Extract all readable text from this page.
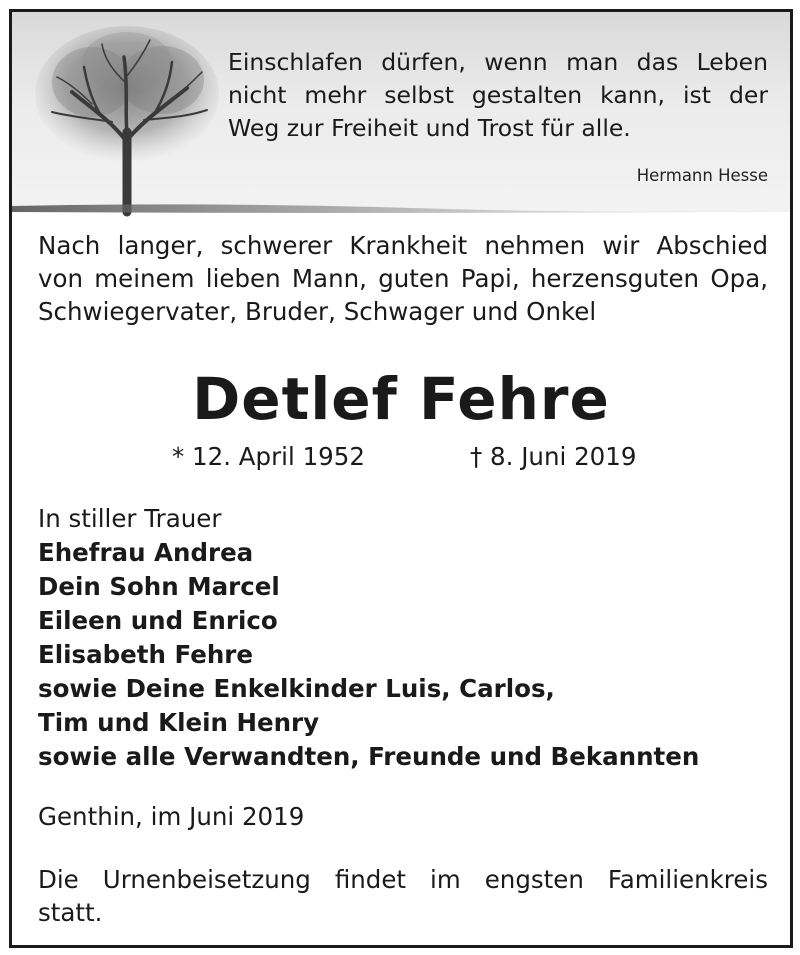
Einschlafen dürfen, wenn man das Leben
nicht mehr selbst gestalten kann, ist der
Weg zur Freiheit und Trost für alle.
Hermann Hesse
Nach langer, schwerer Krankheit nehmen wir Abschied
von meinem lieben Mann, guten Papi, herzensguten Opa,
Schwiegervater, Bruder, Schwager und Onkel
Detlef Fehre
* 12. April 1952	† 8. Juni 2019
In stiller Trauer
Ehefrau Andrea
Dein Sohn Marcel
Eileen und Enrico
Elisabeth Fehre
sowie Deine Enkelkinder Luis, Carlos,
Tim und Klein Henry
sowie alle Verwandten, Freunde und Bekannten
Genthin, im Juni 2019
Die Urnenbeisetzung findet im engsten Familienkreis
statt.
